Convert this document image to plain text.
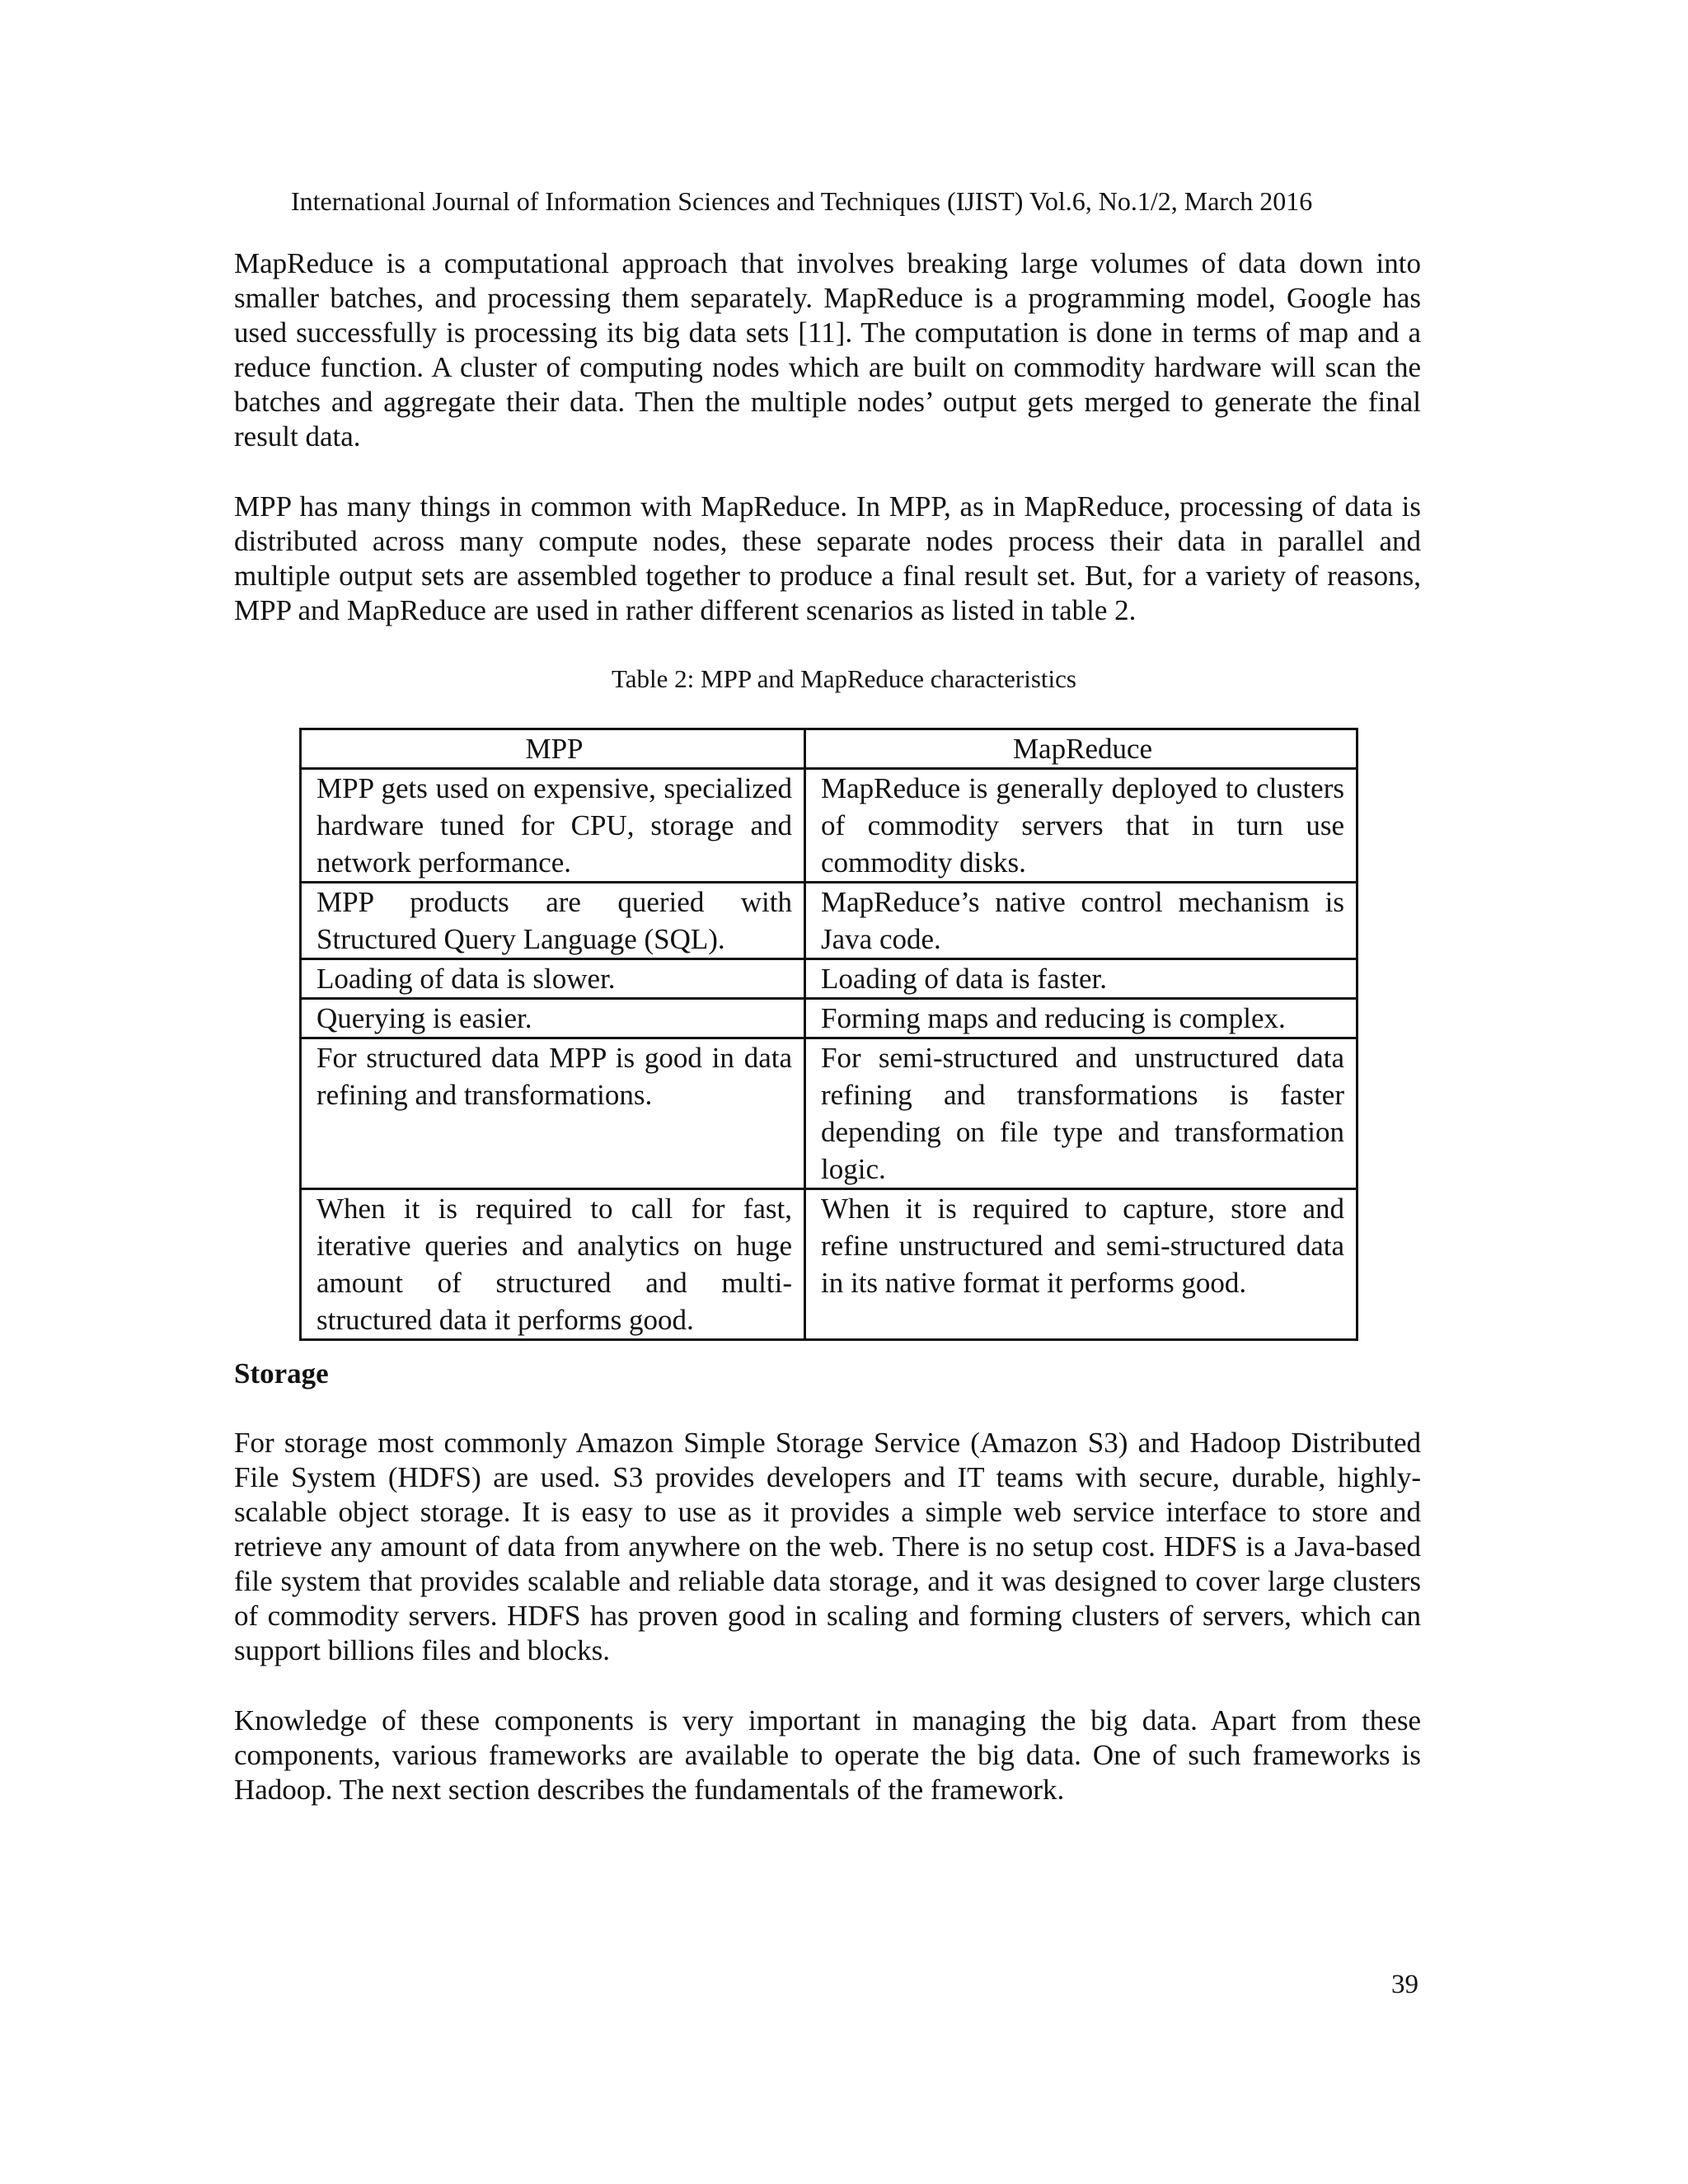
International Journal of Information Sciences and Techniques (IJIST) Vol.6, No.1/2, March 2016

MapReduce is a computational approach that involves breaking large volumes of data down into smaller batches, and processing them separately. MapReduce is a programming model, Google has used successfully is processing its big data sets [11]. The computation is done in terms of map and a reduce function. A cluster of computing nodes which are built on commodity hardware will scan the batches and aggregate their data. Then the multiple nodes’ output gets merged to generate the final result data.

MPP has many things in common with MapReduce. In MPP, as in MapReduce, processing of data is distributed across many compute nodes, these separate nodes process their data in parallel and multiple output sets are assembled together to produce a final result set. But, for a variety of reasons, MPP and MapReduce are used in rather different scenarios as listed in table 2.

Table 2: MPP and MapReduce characteristics
MPP	MapReduce
MPP gets used on expensive, specialized hardware tuned for CPU, storage and network performance.	MapReduce is generally deployed to clusters of commodity servers that in turn use commodity disks.
MPP products are queried with Structured Query Language (SQL).	MapReduce’s native control mechanism is Java code.
Loading of data is slower.	Loading of data is faster.
Querying is easier.	Forming maps and reducing is complex.
For structured data MPP is good in data refining and transformations.	For semi-structured and unstructured data refining and transformations is faster depending on file type and transformation logic.
When it is required to call for fast, iterative queries and analytics on huge amount of structured and multi-structured data it performs good.	When it is required to capture, store and refine unstructured and semi-structured data in its native format it performs good.
Storage

For storage most commonly Amazon Simple Storage Service (Amazon S3) and Hadoop Distributed File System (HDFS) are used. S3 provides developers and IT teams with secure, durable, highly-scalable object storage. It is easy to use as it provides a simple web service interface to store and retrieve any amount of data from anywhere on the web. There is no setup cost. HDFS is a Java-based file system that provides scalable and reliable data storage, and it was designed to cover large clusters of commodity servers. HDFS has proven good in scaling and forming clusters of servers, which can support billions files and blocks.

Knowledge of these components is very important in managing the big data. Apart from these components, various frameworks are available to operate the big data. One of such frameworks is Hadoop. The next section describes the fundamentals of the framework.

39
